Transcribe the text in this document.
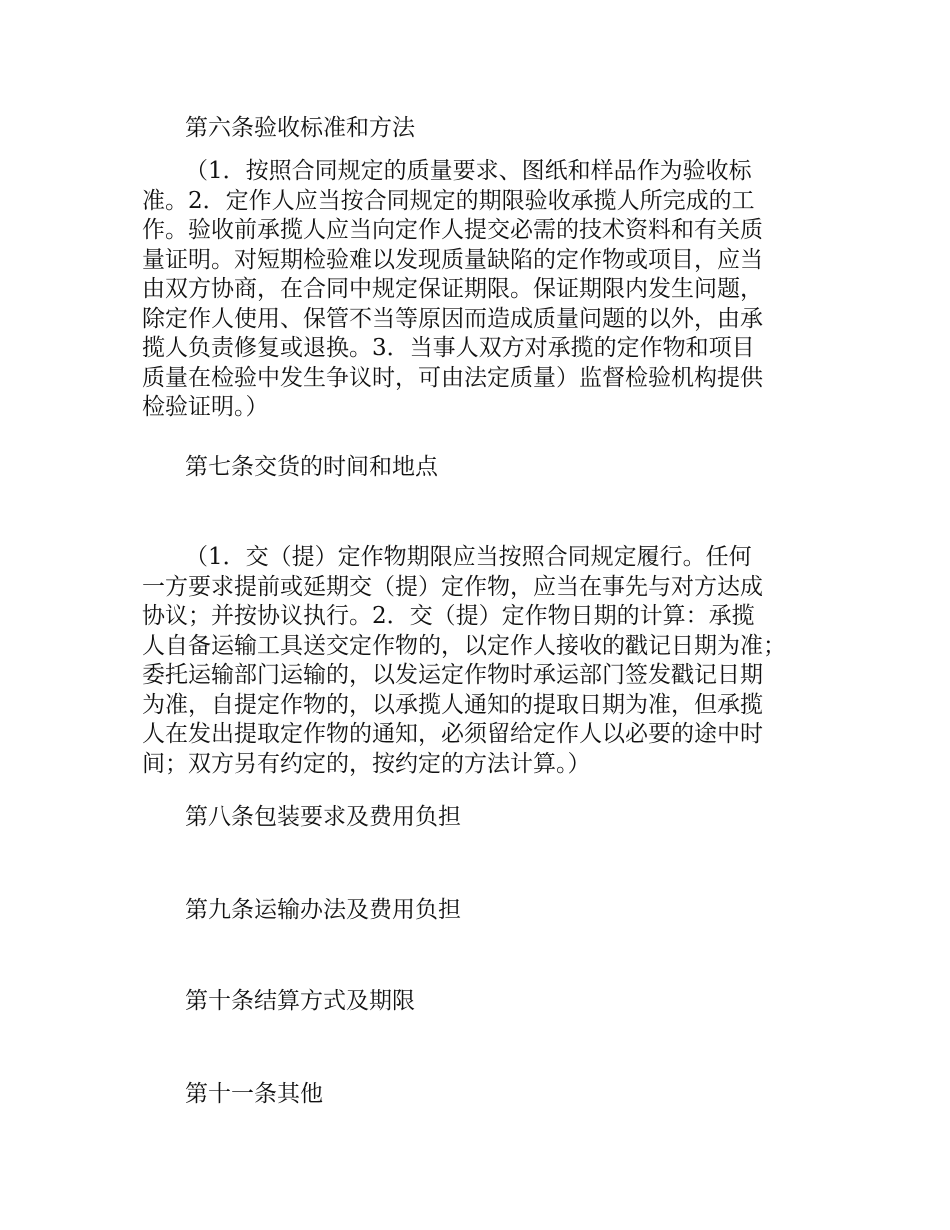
第六条验收标准和方法
（1．按照合同规定的质量要求、图纸和样品作为验收标
准。2．定作人应当按合同规定的期限验收承揽人所完成的工
作。验收前承揽人应当向定作人提交必需的技术资料和有关质
量证明。对短期检验难以发现质量缺陷的定作物或项目，应当
由双方协商，在合同中规定保证期限。保证期限内发生问题，
除定作人使用、保管不当等原因而造成质量问题的以外，由承
揽人负责修复或退换。3．当事人双方对承揽的定作物和项目
质量在检验中发生争议时，可由法定质量）监督检验机构提供
检验证明。）
第七条交货的时间和地点
（1．交（提）定作物期限应当按照合同规定履行。任何
一方要求提前或延期交（提）定作物，应当在事先与对方达成
协议；并按协议执行。2．交（提）定作物日期的计算：承揽
人自备运输工具送交定作物的，以定作人接收的戳记日期为准；
委托运输部门运输的，以发运定作物时承运部门签发戳记日期
为准，自提定作物的，以承揽人通知的提取日期为准，但承揽
人在发出提取定作物的通知，必须留给定作人以必要的途中时
间；双方另有约定的，按约定的方法计算。）
第八条包装要求及费用负担
第九条运输办法及费用负担
第十条结算方式及期限
第十一条其他
